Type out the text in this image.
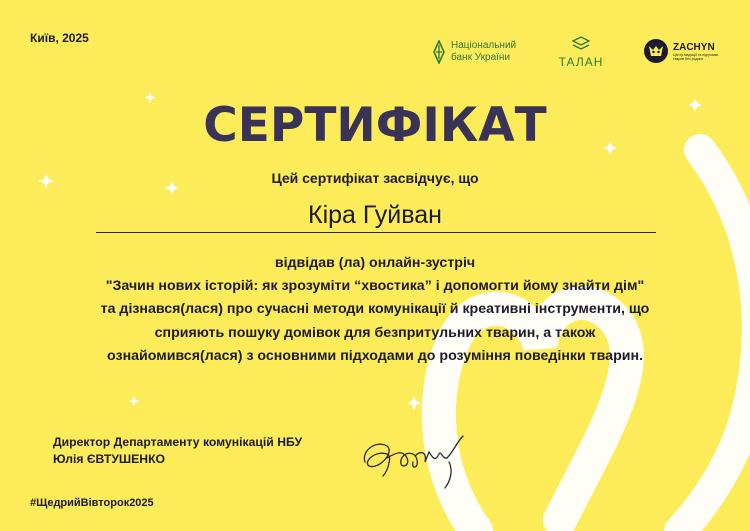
Київ, 2025
Національний
банк України	ТАЛАН
ZACHYN
Центр медіації та підтримки тварин без родини
СЕРТИФІКАТ
Цей сертифікат засвідчує, що
Кіра Гуйван
відвідав (ла) онлайн-зустріч
"Зачин нових історій: як зрозуміти “хвостика” і допомогти йому знайти дім"
та дізнався(лася) про сучасні методи комунікації й креативні інструменти, що
сприяють пошуку домівок для безпритульних тварин, а також
ознайомився(лася) з основними підходами до розуміння поведінки тварин.
Директор Департаменту комунікацій НБУ
Юлія ЄВТУШЕНКО
#ЩедрийВівторок2025
